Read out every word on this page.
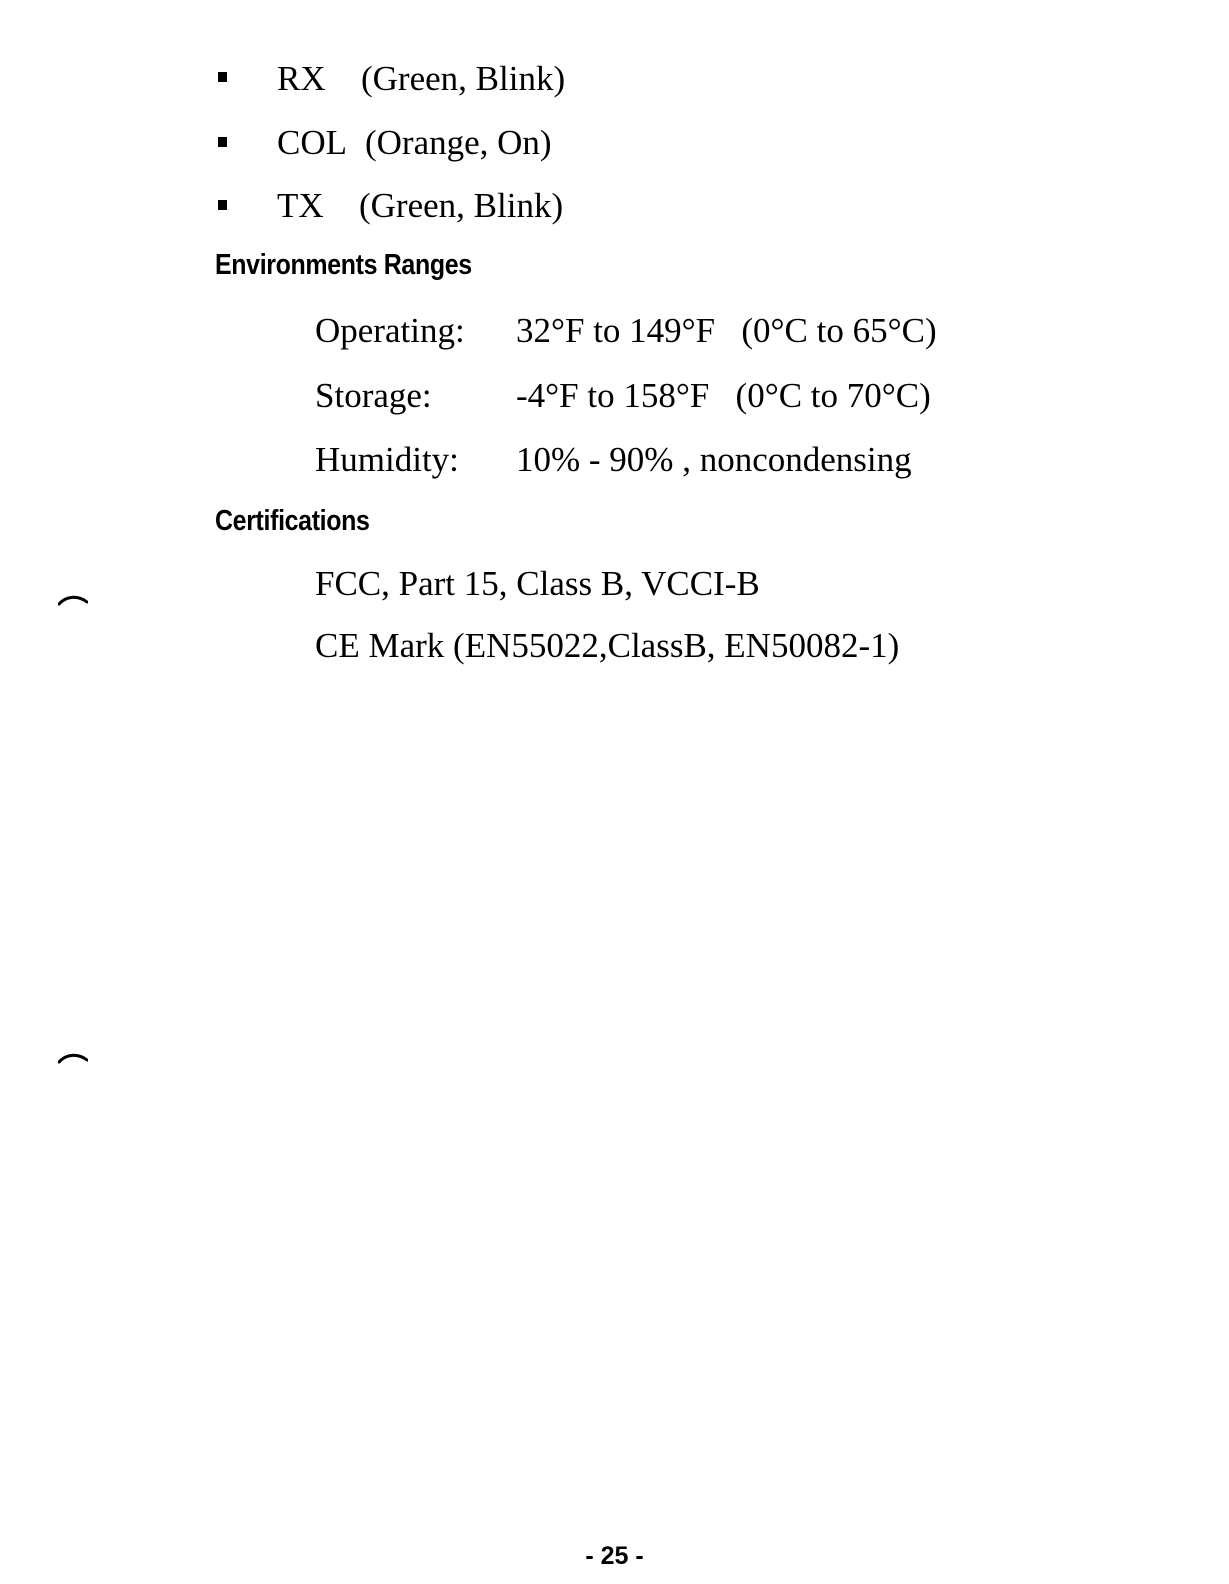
RX (Green, Blink)
COL (Orange, On)
TX (Green, Blink)
Environments Ranges
Operating: 32°F to 149°F   (0°C to 65°C)
Storage: -4°F to 158°F   (0°C to 70°C)
Humidity: 10% - 90% , noncondensing
Certifications
FCC, Part 15, Class B, VCCI-B
CE Mark (EN55022,ClassB, EN50082-1)
- 25 -
